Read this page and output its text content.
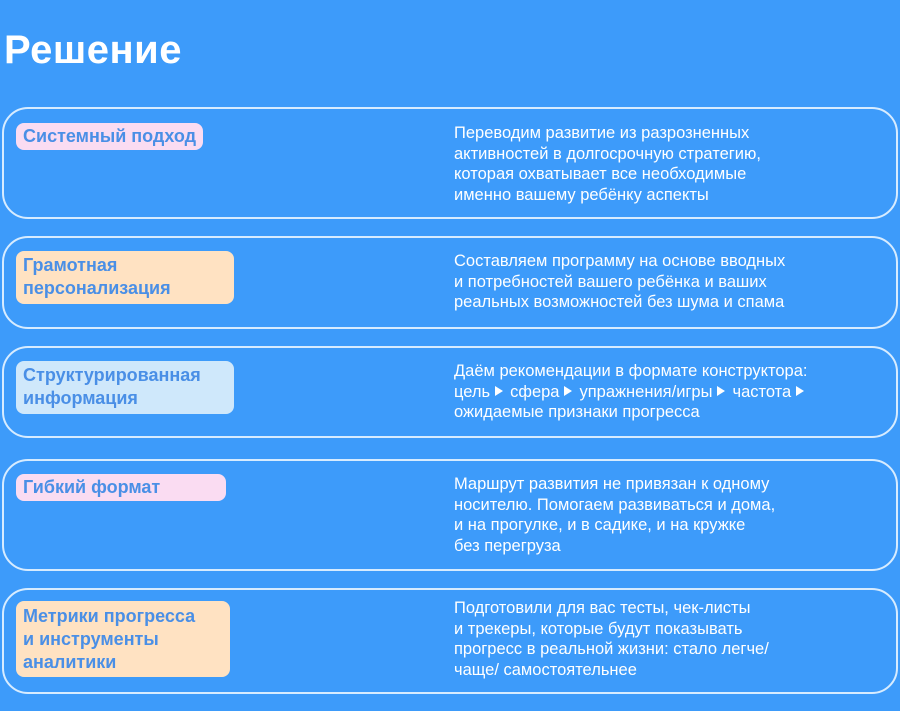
Решение
Системный подход	Переводим развитие из разрозненных
активностей в долгосрочную стратегию,
которая охватывает все необходимые
именно вашему ребёнку аспекты
Грамотная
персонализация
Составляем программу на основе вводных
и потребностей вашего ребёнка и ваших
реальных возможностей без шума и спама
Структурированная
информация
Даём рекомендации в формате конструктора:
цель сфера упражнения/игры частота
ожидаемые признаки прогресса
Гибкий формат	Маршрут развития не привязан к одному
носителю. Помогаем развиваться и дома,
и на прогулке, и в садике, и на кружке
без перегруза
Метрики прогресса
и инструменты
аналитики
Подготовили для вас тесты, чек-листы
и трекеры, которые будут показывать
прогресс в реальной жизни: стало легче/
чаще/ самостоятельнее
